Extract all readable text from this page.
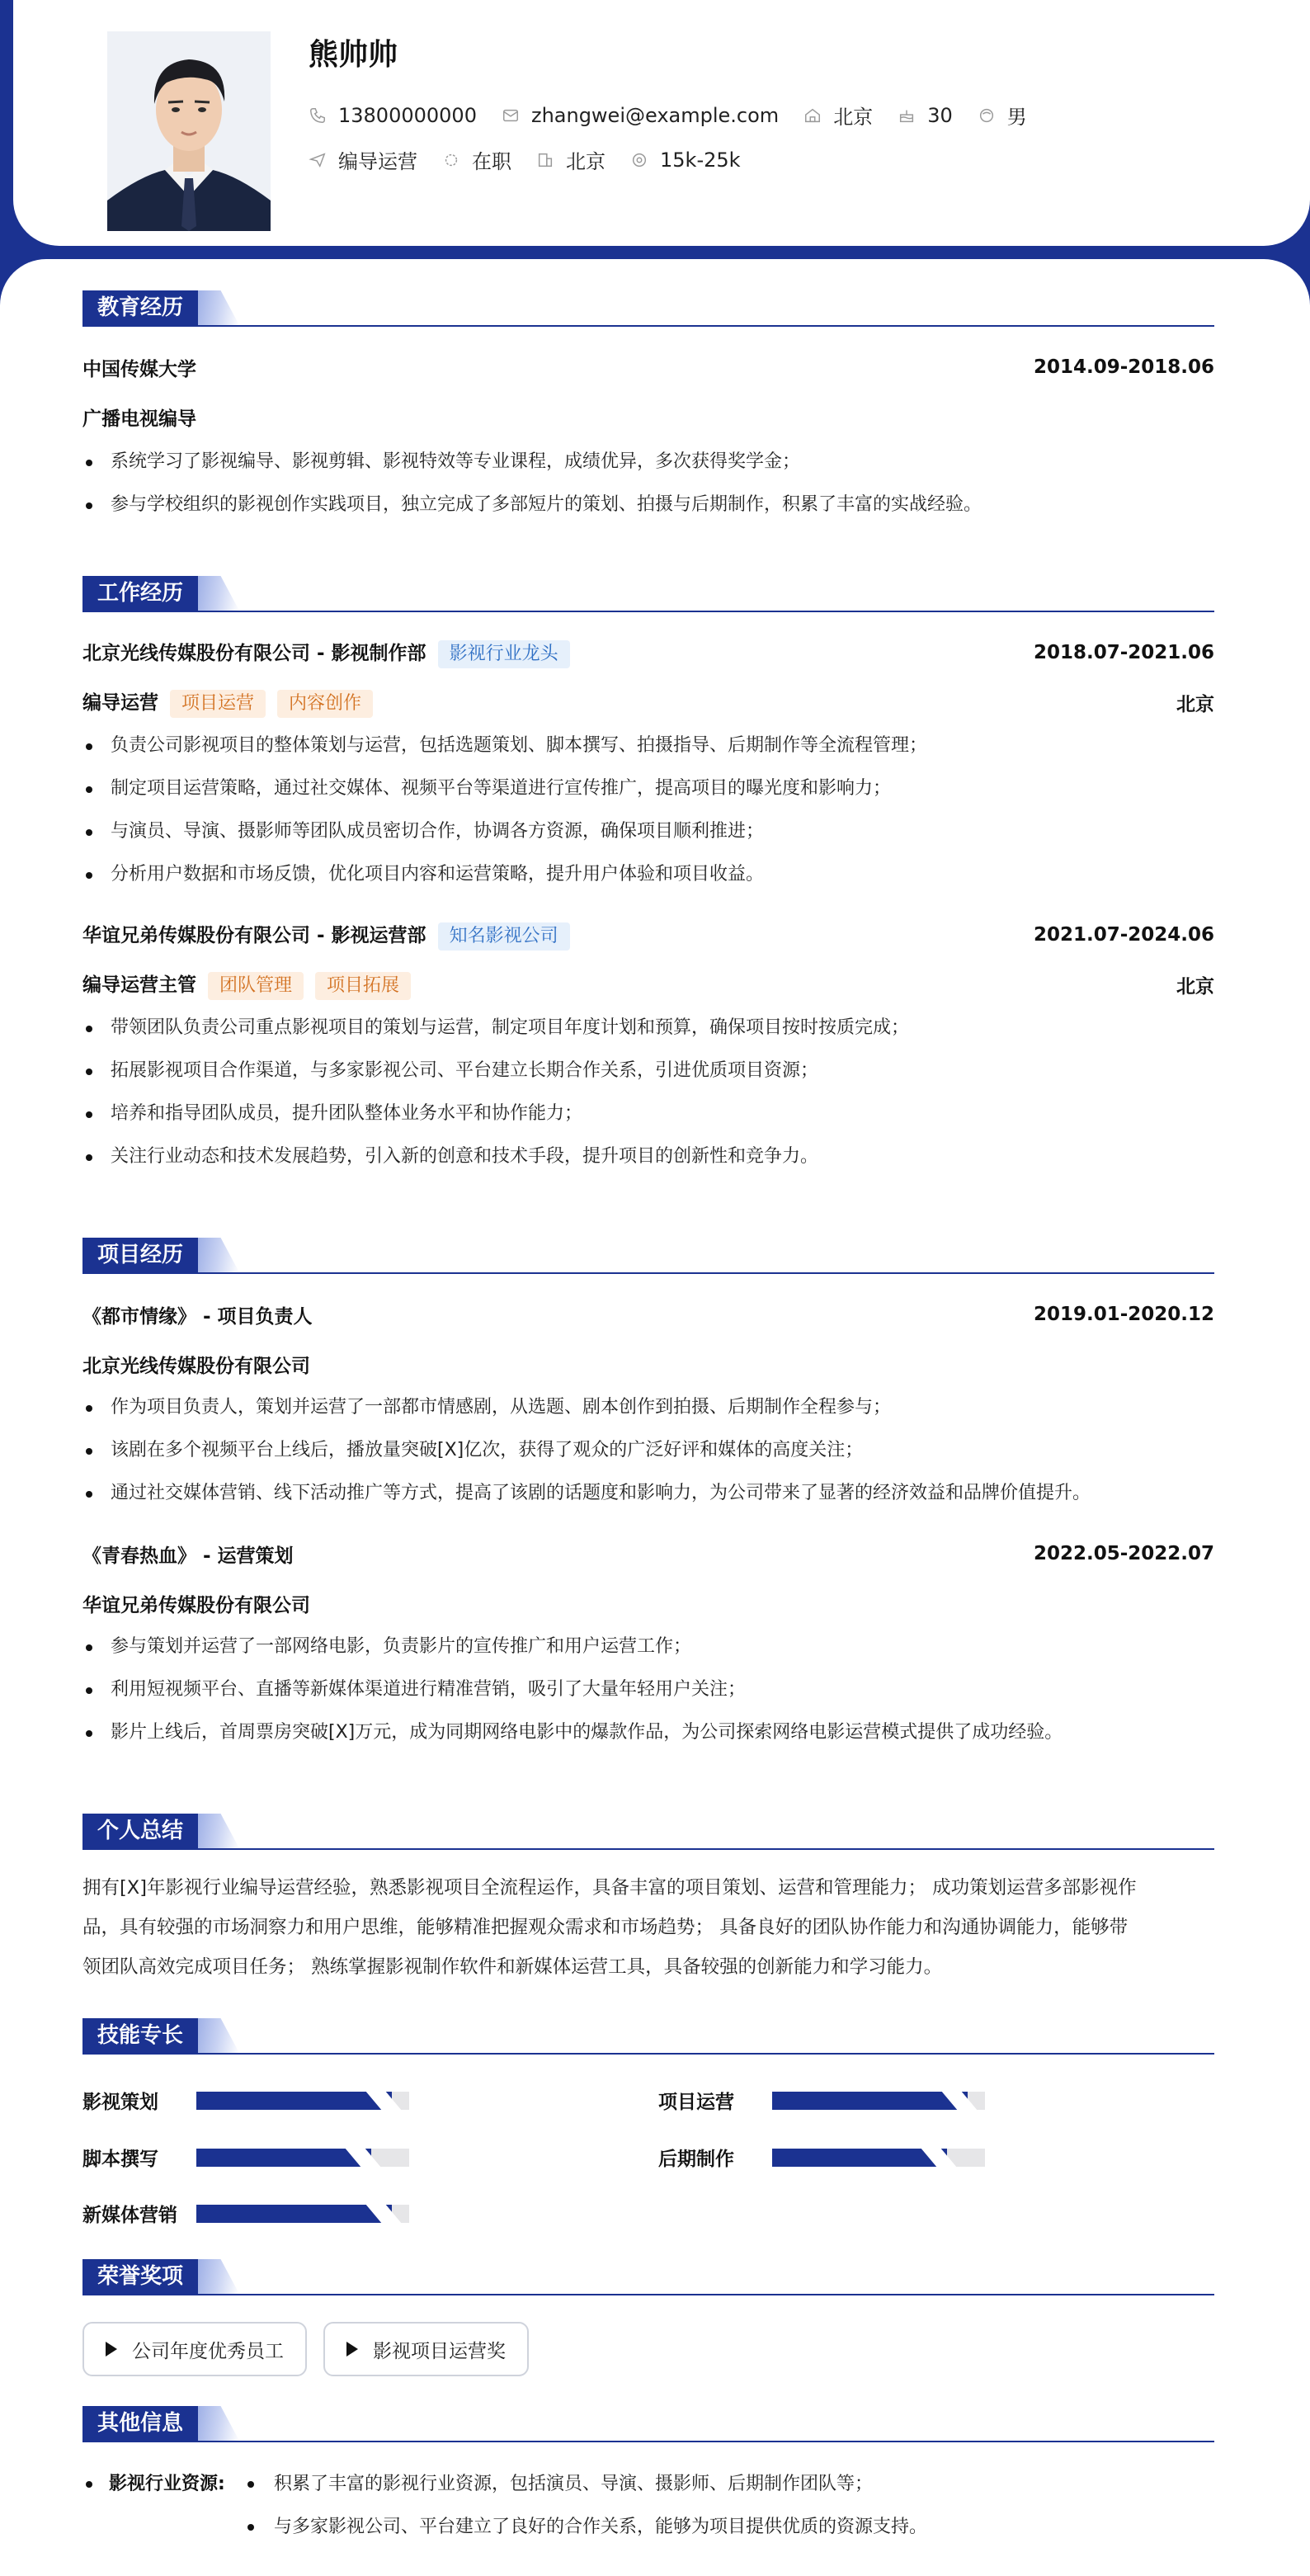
熊帅帅
13800000000	zhangwei@example.com	北京	30	男
编导运营	在职	北京	15k-25k
教育经历
中国传媒大学	2014.09-2018.06
广播电视编导
系统学习了影视编导、影视剪辑、影视特效等专业课程，成绩优异，多次获得奖学金；
参与学校组织的影视创作实践项目，独立完成了多部短片的策划、拍摄与后期制作，积累了丰富的实战经验。
工作经历
北京光线传媒股份有限公司 - 影视制作部 影视行业龙头	2018.07-2021.06
编导运营 项目运营 内容创作	北京
负责公司影视项目的整体策划与运营，包括选题策划、脚本撰写、拍摄指导、后期制作等全流程管理；
制定项目运营策略，通过社交媒体、视频平台等渠道进行宣传推广，提高项目的曝光度和影响力；
与演员、导演、摄影师等团队成员密切合作，协调各方资源，确保项目顺利推进；
分析用户数据和市场反馈，优化项目内容和运营策略，提升用户体验和项目收益。
华谊兄弟传媒股份有限公司 - 影视运营部 知名影视公司	2021.07-2024.06
编导运营主管 团队管理 项目拓展	北京
带领团队负责公司重点影视项目的策划与运营，制定项目年度计划和预算，确保项目按时按质完成；
拓展影视项目合作渠道，与多家影视公司、平台建立长期合作关系，引进优质项目资源；
培养和指导团队成员，提升团队整体业务水平和协作能力；
关注行业动态和技术发展趋势，引入新的创意和技术手段，提升项目的创新性和竞争力。
项目经历
《都市情缘》 - 项目负责人	2019.01-2020.12
北京光线传媒股份有限公司
作为项目负责人，策划并运营了一部都市情感剧，从选题、剧本创作到拍摄、后期制作全程参与；
该剧在多个视频平台上线后，播放量突破[X]亿次，获得了观众的广泛好评和媒体的高度关注；
通过社交媒体营销、线下活动推广等方式，提高了该剧的话题度和影响力，为公司带来了显著的经济效益和品牌价值提升。
《青春热血》 - 运营策划	2022.05-2022.07
华谊兄弟传媒股份有限公司
参与策划并运营了一部网络电影，负责影片的宣传推广和用户运营工作；
利用短视频平台、直播等新媒体渠道进行精准营销，吸引了大量年轻用户关注；
影片上线后，首周票房突破[X]万元，成为同期网络电影中的爆款作品，为公司探索网络电影运营模式提供了成功经验。
个人总结
拥有[X]年影视行业编导运营经验，熟悉影视项目全流程运作，具备丰富的项目策划、运营和管理能力； 成功策划运营多部影视作
品，具有较强的市场洞察力和用户思维，能够精准把握观众需求和市场趋势； 具备良好的团队协作能力和沟通协调能力，能够带
领团队高效完成项目任务； 熟练掌握影视制作软件和新媒体运营工具，具备较强的创新能力和学习能力。
技能专长
影视策划	项目运营
脚本撰写	后期制作
新媒体营销
荣誉奖项
公司年度优秀员工	影视项目运营奖
其他信息
影视行业资源:	积累了丰富的影视行业资源，包括演员、导演、摄影师、后期制作团队等；
与多家影视公司、平台建立了良好的合作关系，能够为项目提供优质的资源支持。
